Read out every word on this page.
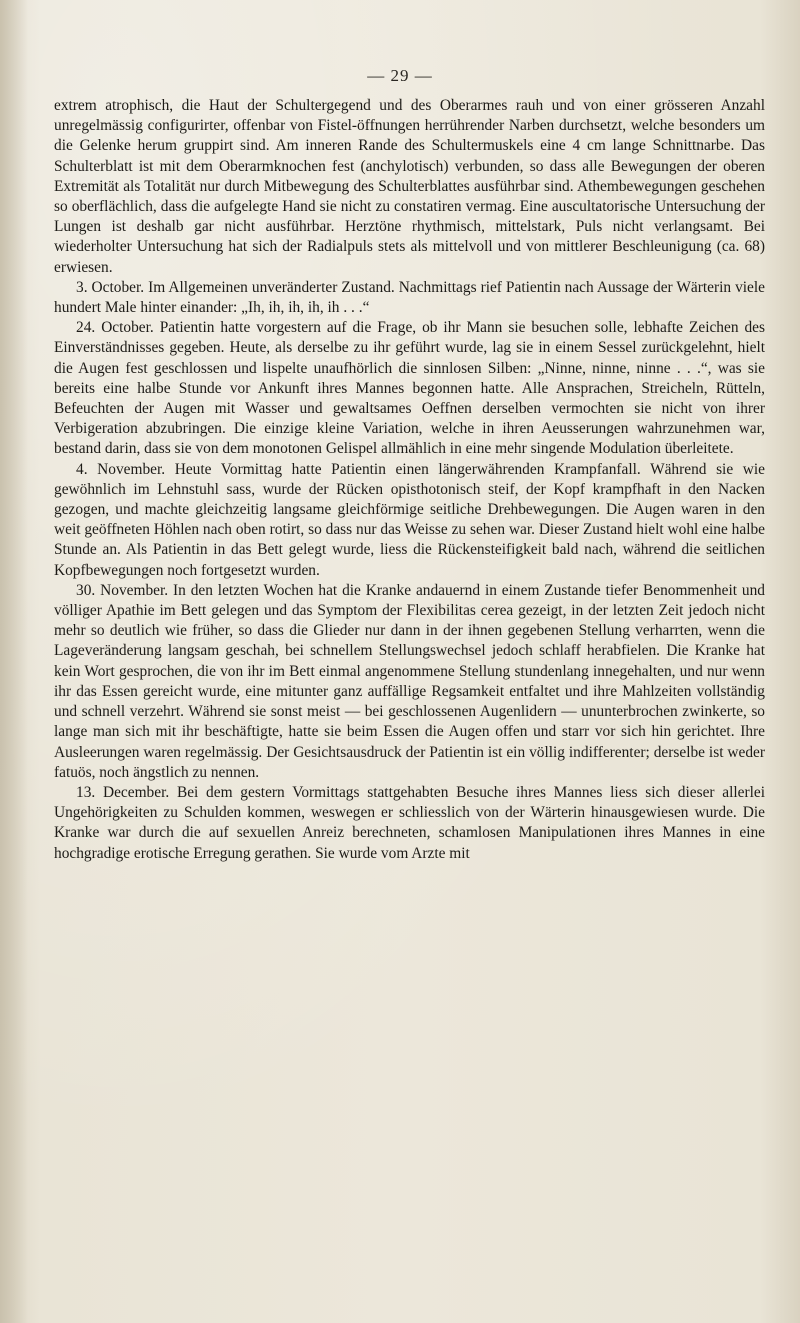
— 29 —

extrem atrophisch, die Haut der Schultergegend und des Oberarmes rauh und von einer grösseren Anzahl unregelmässig configurirter, offenbar von Fistel-öffnungen herrührender Narben durchsetzt, welche besonders um die Gelenke herum gruppirt sind. Am inneren Rande des Schultermuskels eine 4 cm lange Schnittnarbe. Das Schulterblatt ist mit dem Oberarmknochen fest (anchylotisch) verbunden, so dass alle Bewegungen der oberen Extremität als Totalität nur durch Mitbewegung des Schulterblattes ausführbar sind. Athembewegungen geschehen so oberflächlich, dass die aufgelegte Hand sie nicht zu constatiren vermag. Eine auscultatorische Untersuchung der Lungen ist deshalb gar nicht ausführbar. Herztöne rhythmisch, mittelstark, Puls nicht verlangsamt. Bei wiederholter Untersuchung hat sich der Radialpuls stets als mittelvoll und von mittlerer Beschleunigung (ca. 68) erwiesen.

3. October. Im Allgemeinen unveränderter Zustand. Nachmittags rief Patientin nach Aussage der Wärterin viele hundert Male hinter einander: „Ih, ih, ih, ih, ih . . .“

24. October. Patientin hatte vorgestern auf die Frage, ob ihr Mann sie besuchen solle, lebhafte Zeichen des Einverständnisses gegeben. Heute, als derselbe zu ihr geführt wurde, lag sie in einem Sessel zurückgelehnt, hielt die Augen fest geschlossen und lispelte unaufhörlich die sinnlosen Silben: „Ninne, ninne, ninne . . .“, was sie bereits eine halbe Stunde vor Ankunft ihres Mannes begonnen hatte. Alle Ansprachen, Streicheln, Rütteln, Befeuchten der Augen mit Wasser und gewaltsames Oeffnen derselben vermochten sie nicht von ihrer Verbigeration abzubringen. Die einzige kleine Variation, welche in ihren Aeusserungen wahrzunehmen war, bestand darin, dass sie von dem monotonen Gelispel allmählich in eine mehr singende Modulation überleitete.

4. November. Heute Vormittag hatte Patientin einen längerwährenden Krampfanfall. Während sie wie gewöhnlich im Lehnstuhl sass, wurde der Rücken opisthotonisch steif, der Kopf krampfhaft in den Nacken gezogen, und machte gleichzeitig langsame gleichförmige seitliche Drehbewegungen. Die Augen waren in den weit geöffneten Höhlen nach oben rotirt, so dass nur das Weisse zu sehen war. Dieser Zustand hielt wohl eine halbe Stunde an. Als Patientin in das Bett gelegt wurde, liess die Rückensteifigkeit bald nach, während die seitlichen Kopfbewegungen noch fortgesetzt wurden.

30. November. In den letzten Wochen hat die Kranke andauernd in einem Zustande tiefer Benommenheit und völliger Apathie im Bett gelegen und das Symptom der Flexibilitas cerea gezeigt, in der letzten Zeit jedoch nicht mehr so deutlich wie früher, so dass die Glieder nur dann in der ihnen gegebenen Stellung verharrten, wenn die Lageveränderung langsam geschah, bei schnellem Stellungswechsel jedoch schlaff herabfielen. Die Kranke hat kein Wort gesprochen, die von ihr im Bett einmal angenommene Stellung stundenlang innegehalten, und nur wenn ihr das Essen gereicht wurde, eine mitunter ganz auffällige Regsamkeit entfaltet und ihre Mahlzeiten vollständig und schnell verzehrt. Während sie sonst meist — bei geschlossenen Augenlidern — ununterbrochen zwinkerte, so lange man sich mit ihr beschäftigte, hatte sie beim Essen die Augen offen und starr vor sich hin gerichtet. Ihre Ausleerungen waren regelmässig. Der Gesichtsausdruck der Patientin ist ein völlig indifferenter; derselbe ist weder fatuös, noch ängstlich zu nennen.

13. December. Bei dem gestern Vormittags stattgehabten Besuche ihres Mannes liess sich dieser allerlei Ungehörigkeiten zu Schulden kommen, weswegen er schliesslich von der Wärterin hinausgewiesen wurde. Die Kranke war durch die auf sexuellen Anreiz berechneten, schamlosen Manipulationen ihres Mannes in eine hochgradige erotische Erregung gerathen. Sie wurde vom Arzte mit
